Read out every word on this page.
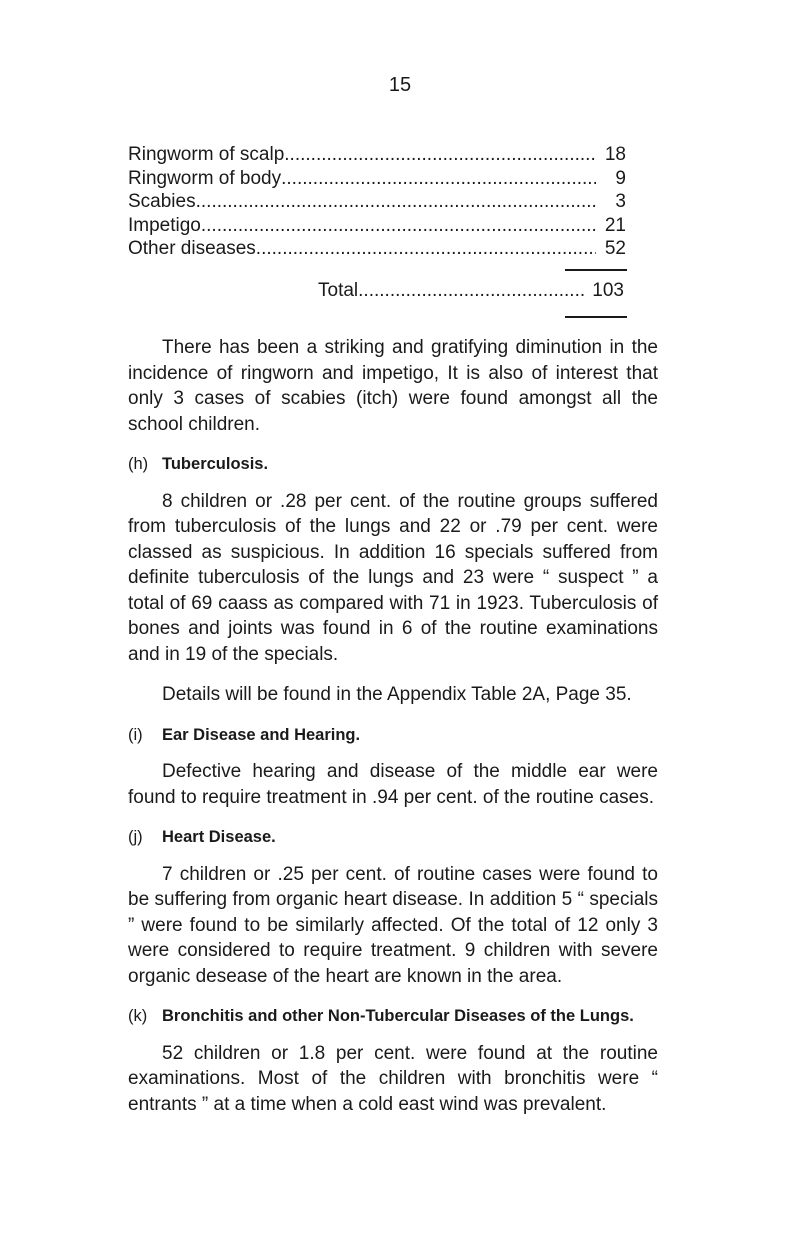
15
Ringworm of scalp .....	18
Ringworm of body .....	9
Scabies .....	3
Impetigo .....	21
Other diseases .....	52
Total .....	103

There has been a striking and gratifying diminution in the incidence of ringworn and impetigo, It is also of interest that only 3 cases of scabies (itch) were found amongst all the school children.

(h) Tuberculosis.

8 children or .28 per cent. of the routine groups suffered from tuberculosis of the lungs and 22 or .79 per cent. were classed as suspicious. In addition 16 specials suffered from definite tuberculosis of the lungs and 23 were “ suspect ” a total of 69 caass as compared with 71 in 1923. Tuberculosis of bones and joints was found in 6 of the routine examinations and in 19 of the specials.

Details will be found in the Appendix Table 2A, Page 35.

(i) Ear Disease and Hearing.

Defective hearing and disease of the middle ear were found to require treatment in .94 per cent. of the routine cases.

(j) Heart Disease.

7 children or .25 per cent. of routine cases were found to be suffering from organic heart disease. In addition 5 “ specials ” were found to be similarly affected. Of the total of 12 only 3 were considered to require treatment. 9 children with severe organic desease of the heart are known in the area.

(k) Bronchitis and other Non-Tubercular Diseases of the Lungs.

52 children or 1.8 per cent. were found at the routine examinations. Most of the children with bronchitis were “ entrants ” at a time when a cold east wind was prevalent.
